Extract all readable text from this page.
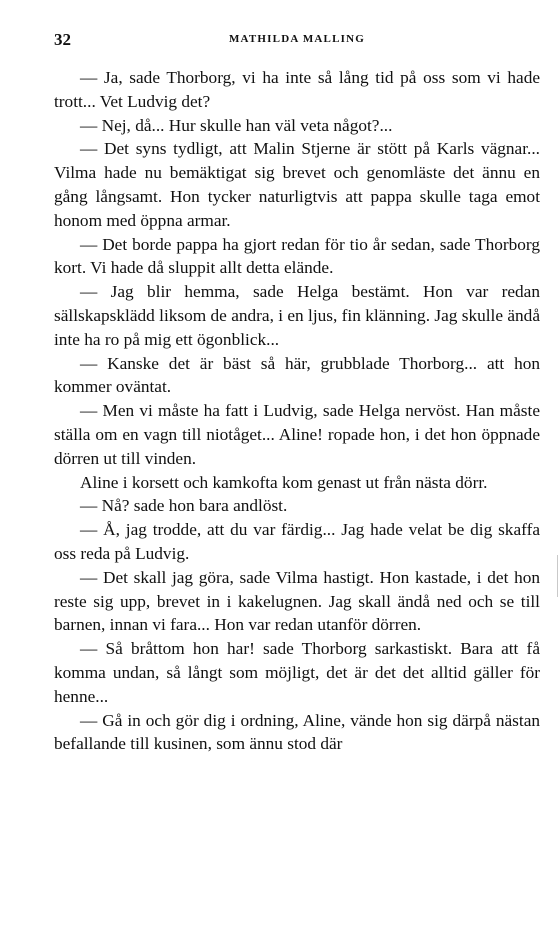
32	MATHILDA MALLING

— Ja, sade Thorborg, vi ha inte så lång tid på oss som vi hade trott... Vet Ludvig det?

— Nej, då... Hur skulle han väl veta något?...

— Det syns tydligt, att Malin Stjerne är stött på Karls vägnar... Vilma hade nu bemäktigat sig brevet och genomläste det ännu en gång långsamt. Hon tycker naturligtvis att pappa skulle taga emot honom med öppna armar.

— Det borde pappa ha gjort redan för tio år sedan, sade Thorborg kort. Vi hade då sluppit allt detta elände.

— Jag blir hemma, sade Helga bestämt. Hon var redan sällskapsklädd liksom de andra, i en ljus, fin klänning. Jag skulle ändå inte ha ro på mig ett ögonblick...

— Kanske det är bäst så här, grubblade Thorborg... att hon kommer oväntat.

— Men vi måste ha fatt i Ludvig, sade Helga nervöst. Han måste ställa om en vagn till niotåget... Aline! ropade hon, i det hon öppnade dörren ut till vinden.

Aline i korsett och kamkofta kom genast ut från nästa dörr.

— Nå? sade hon bara andlöst.

— Å, jag trodde, att du var färdig... Jag hade velat be dig skaffa oss reda på Ludvig.

— Det skall jag göra, sade Vilma hastigt. Hon kastade, i det hon reste sig upp, brevet in i kakelugnen. Jag skall ändå ned och se till barnen, innan vi fara... Hon var redan utanför dörren.

— Så bråttom hon har! sade Thorborg sarkastiskt. Bara att få komma undan, så långt som möjligt, det är det det alltid gäller för henne...

— Gå in och gör dig i ordning, Aline, vände hon sig därpå nästan befallande till kusinen, som ännu stod där
